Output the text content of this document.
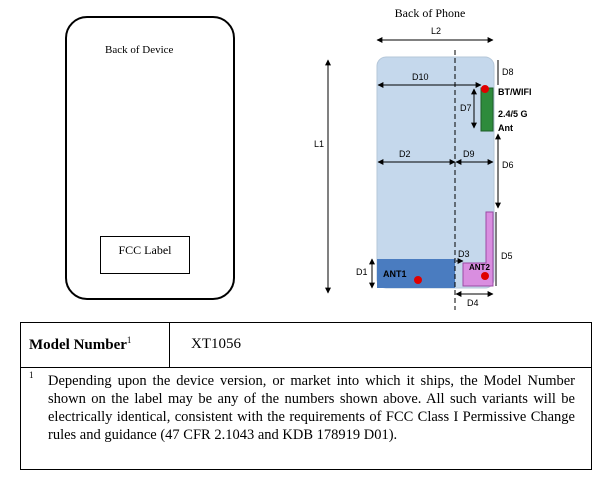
Back of Device
FCC Label
Back of Phone
L2
L1
ANT1
ANT2
BT/WIFI
2.4/5 G
Ant
D10	D8
D7
D6
D2	D9
D5
D3
D1
D4
Model Number$^1$	XT1056
1 Depending upon the device version, or market into which it ships, the Model Number shown on the label may be any of the numbers shown above. All such variants will be electrically identical, consistent with the requirements of FCC Class I Permissive Change rules and guidance (47 CFR 2.1043 and KDB 178919 D01).
